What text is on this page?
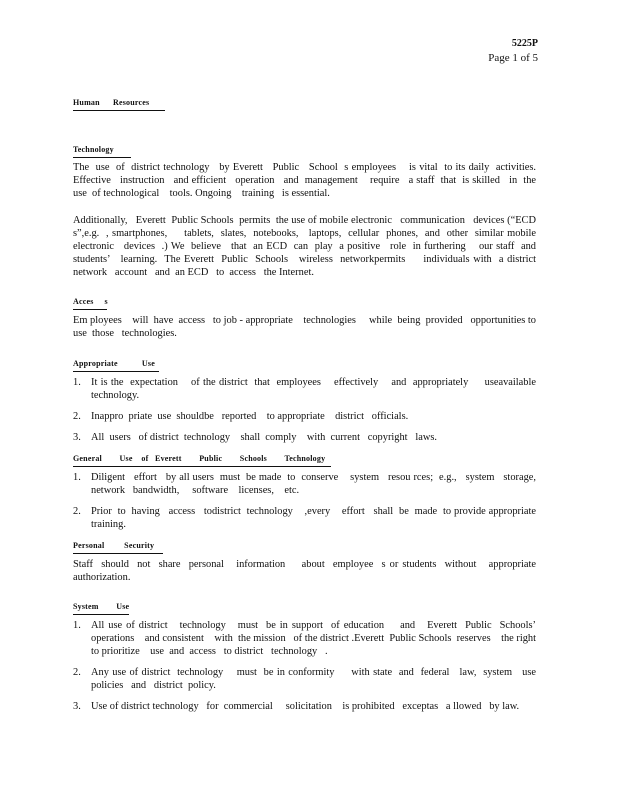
5225P
Page 1 of 5
Human      Resources
Technology

The  use  of  district technology   by Everett   Public   School  s employees    is vital  to its daily  activities. Effective   instruction   and efficient   operation   and  management    require   a staff  that  is skilled   in  the  use  of technological    tools. Ongoing    training   is essential.

Additionally,   Everett  Public Schools  permits  the use of mobile electronic   communication   devices (“ECD s”,e.g.  , smartphones,     tablets,  slates,  notebooks,   laptops,  cellular  phones,  and  other  similar mobile electronic   devices  .) We  believe   that  an ECD  can  play  a positive   role  in furthering    our staff  and  students’   learning.  The Everett  Public  Schools   wireless  networkpermits     individuals with  a district   network   account   and  an ECD   to  access   the Internet.

Acces     s

Em ployees    will  have  access   to job - appropriate    technologies     while  being  provided   opportunities to use  those   technologies.

Appropriate           Use
1. It is the  expectation    of the district  that  employees    effectively    and  appropriately     useavailable technology.
2. Inappro  priate  use  shouldbe   reported    to appropriate    district   officials.
3. All  users   of district  technology    shall  comply    with  current   copyright   laws.
General        Use    of   Everett        Public        Schools        Technology
1. Diligent   effort   by all users  must  be made  to  conserve    system   resou rces;  e.g.,   system   storage, network   bandwidth,     software    licenses,    etc.
2. Prior  to  having   access   todistrict  technology    ,every    effort   shall  be  made  to provide appropriate    training.
Personal         Security

Staff  should  not  share  personal   information    about  employee  s or students  without   appropriate authorization.

System        Use
1. All use of district   technology   must  be in support  of education    and   Everett  Public  Schools’ operations    and consistent    with  the mission   of the district .Everett  Public Schools  reserves    the right  to prioritize    use  and  access   to district   technology   .
2. Any use of district  technology    must  be in conformity     with state  and  federal   law,  system   use policies   and   district  policy.
3. Use of district technology   for  commercial     solicitation    is prohibited   exceptas   a llowed   by law.
